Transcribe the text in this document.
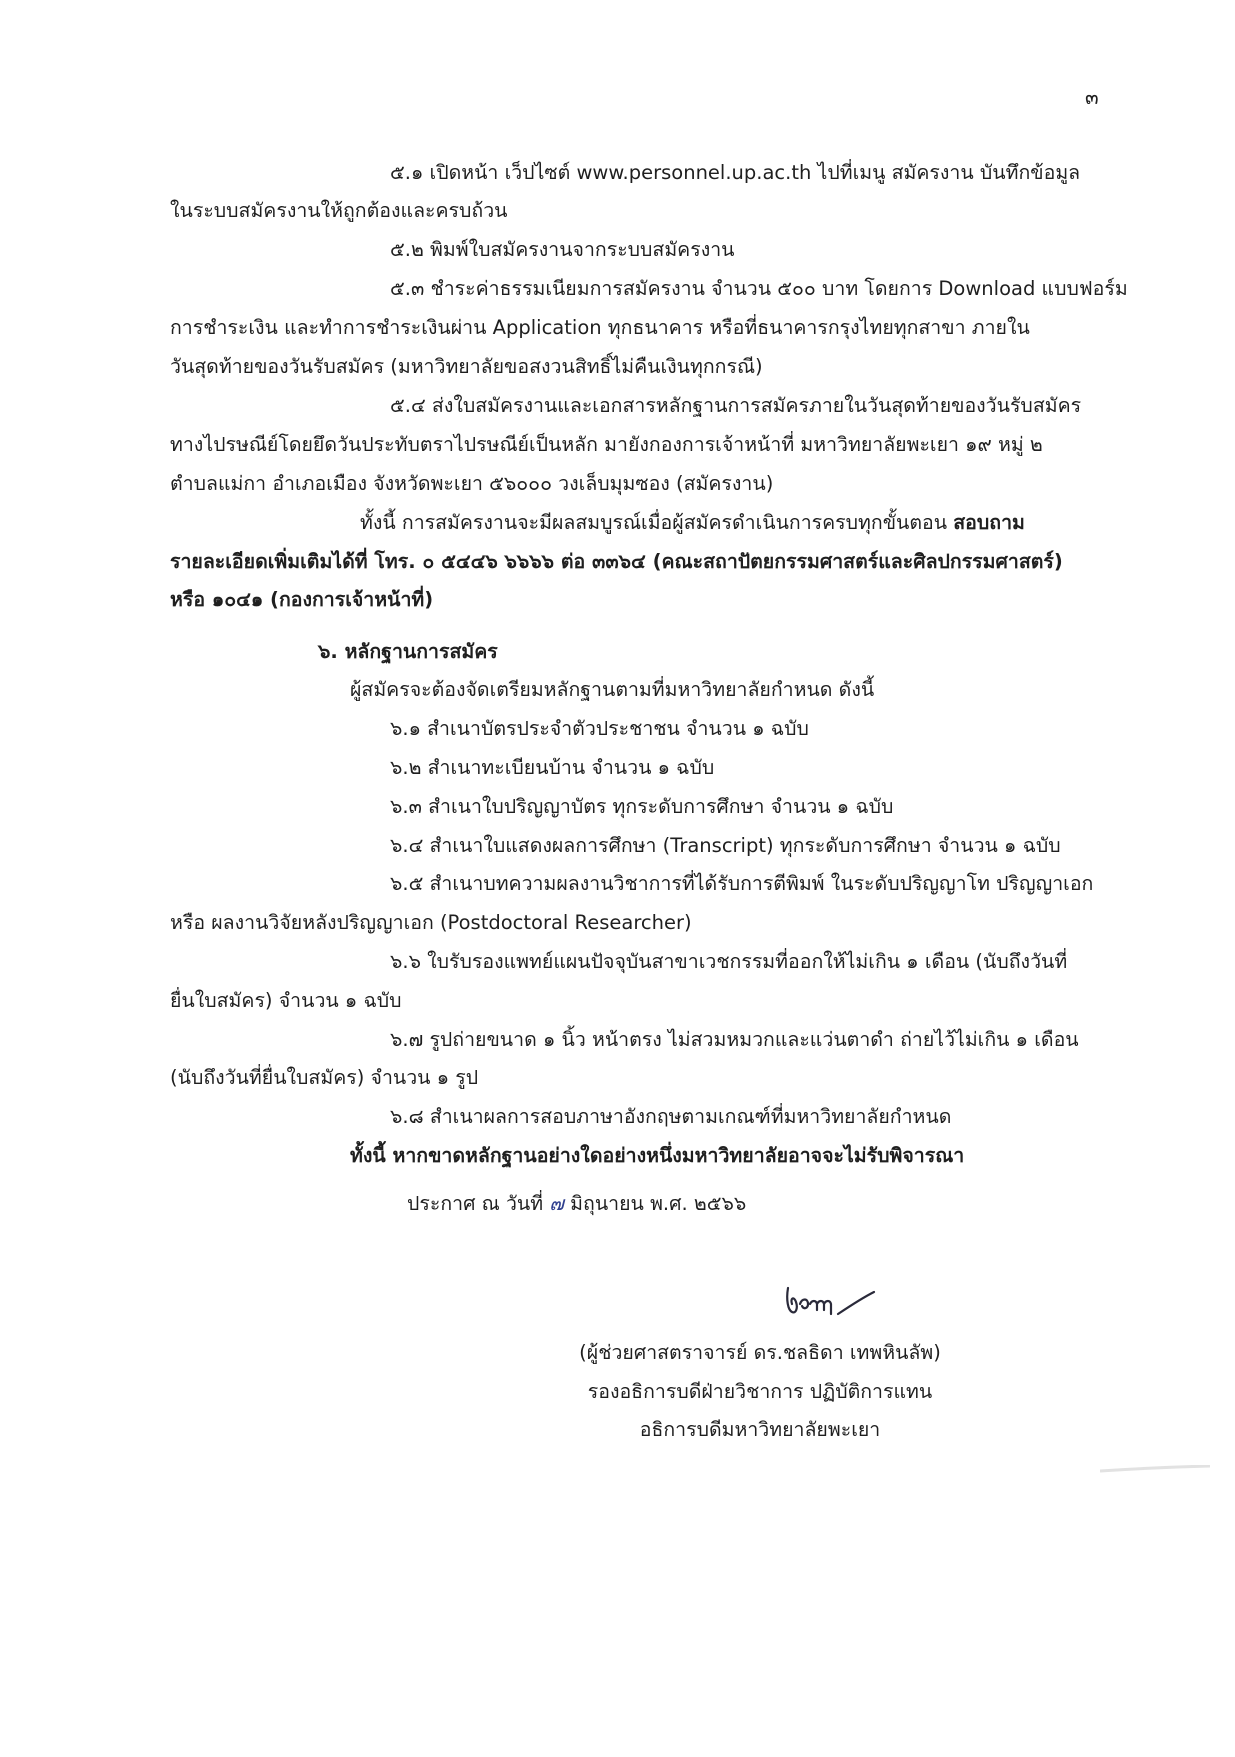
๓
๕.๑ เปิดหน้า เว็ปไซต์ www.personnel.up.ac.th ไปที่เมนู สมัครงาน บันทึกข้อมูล
ในระบบสมัครงานให้ถูกต้องและครบถ้วน
๕.๒ พิมพ์ใบสมัครงานจากระบบสมัครงาน
๕.๓ ชำระค่าธรรมเนียมการสมัครงาน จำนวน ๕๐๐ บาท โดยการ Download แบบฟอร์ม
การชำระเงิน และทำการชำระเงินผ่าน Application ทุกธนาคาร หรือที่ธนาคารกรุงไทยทุกสาขา ภายใน
วันสุดท้ายของวันรับสมัคร (มหาวิทยาลัยขอสงวนสิทธิ์ไม่คืนเงินทุกกรณี)
๕.๔ ส่งใบสมัครงานและเอกสารหลักฐานการสมัครภายในวันสุดท้ายของวันรับสมัคร
ทางไปรษณีย์โดยยึดวันประทับตราไปรษณีย์เป็นหลัก มายังกองการเจ้าหน้าที่ มหาวิทยาลัยพะเยา ๑๙ หมู่ ๒
ตำบลแม่กา อำเภอเมือง จังหวัดพะเยา ๕๖๐๐๐ วงเล็บมุมซอง (สมัครงาน)
ทั้งนี้ การสมัครงานจะมีผลสมบูรณ์เมื่อผู้สมัครดำเนินการครบทุกขั้นตอน สอบถาม
รายละเอียดเพิ่มเติมได้ที่ โทร. ๐ ๕๔๔๖ ๖๖๖๖ ต่อ ๓๓๖๔ (คณะสถาปัตยกรรมศาสตร์และศิลปกรรมศาสตร์)
หรือ ๑๐๔๑ (กองการเจ้าหน้าที่)
๖. หลักฐานการสมัคร
ผู้สมัครจะต้องจัดเตรียมหลักฐานตามที่มหาวิทยาลัยกำหนด ดังนี้
๖.๑ สำเนาบัตรประจำตัวประชาชน จำนวน ๑ ฉบับ
๖.๒ สำเนาทะเบียนบ้าน จำนวน ๑ ฉบับ
๖.๓ สำเนาใบปริญญาบัตร ทุกระดับการศึกษา จำนวน ๑ ฉบับ
๖.๔ สำเนาใบแสดงผลการศึกษา (Transcript) ทุกระดับการศึกษา จำนวน ๑ ฉบับ
๖.๕ สำเนาบทความผลงานวิชาการที่ได้รับการตีพิมพ์ ในระดับปริญญาโท ปริญญาเอก
หรือ ผลงานวิจัยหลังปริญญาเอก (Postdoctoral Researcher)
๖.๖ ใบรับรองแพทย์แผนปัจจุบันสาขาเวชกรรมที่ออกให้ไม่เกิน ๑ เดือน (นับถึงวันที่
ยื่นใบสมัคร) จำนวน ๑ ฉบับ
๖.๗ รูปถ่ายขนาด ๑ นิ้ว หน้าตรง ไม่สวมหมวกและแว่นตาดำ ถ่ายไว้ไม่เกิน ๑ เดือน
(นับถึงวันที่ยื่นใบสมัคร) จำนวน ๑ รูป
๖.๘ สำเนาผลการสอบภาษาอังกฤษตามเกณฑ์ที่มหาวิทยาลัยกำหนด
ทั้งนี้ หากขาดหลักฐานอย่างใดอย่างหนึ่งมหาวิทยาลัยอาจจะไม่รับพิจารณา
ประกาศ ณ วันที่ ๗ มิถุนายน พ.ศ. ๒๕๖๖
(ผู้ช่วยศาสตราจารย์ ดร.ชลธิดา เทพหินลัพ)
รองอธิการบดีฝ่ายวิชาการ ปฏิบัติการแทน
อธิการบดีมหาวิทยาลัยพะเยา
